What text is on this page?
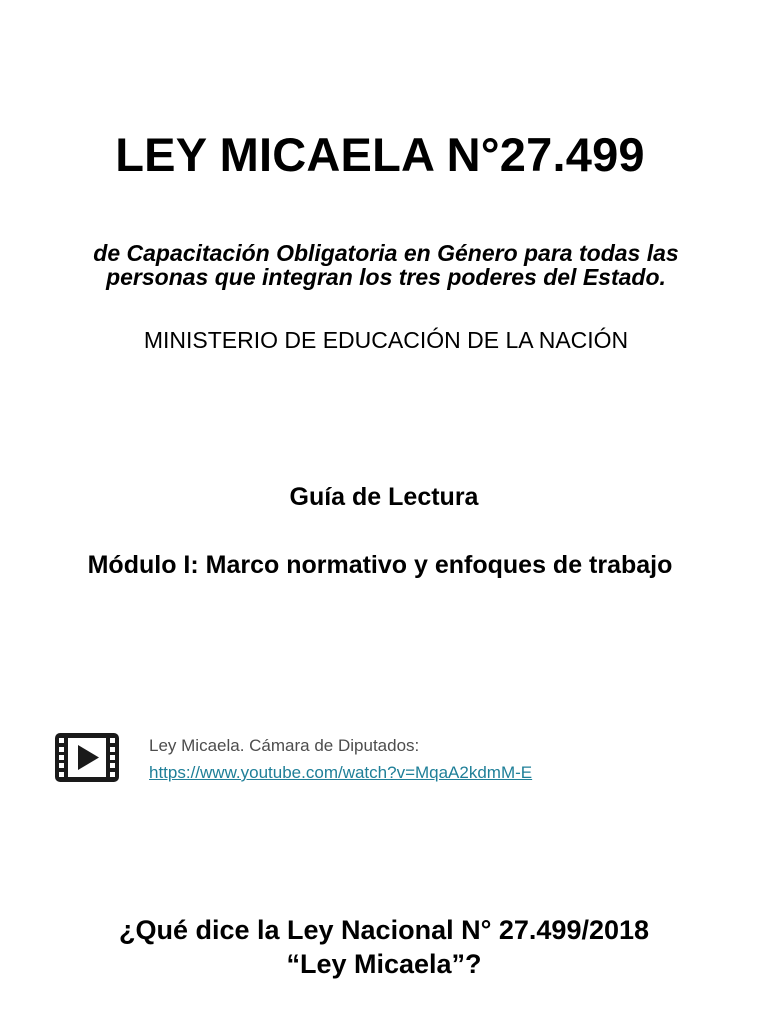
LEY MICAELA N°27.499
de Capacitación Obligatoria en Género para todas las
personas que integran los tres poderes del Estado.
MINISTERIO DE EDUCACIÓN DE LA NACIÓN
Guía de Lectura
Módulo I: Marco normativo y enfoques de trabajo
Ley Micaela. Cámara de Diputados:
https://www.youtube.com/watch?v=MqaA2kdmM-E
¿Qué dice la Ley Nacional N° 27.499/2018
“Ley Micaela”?
